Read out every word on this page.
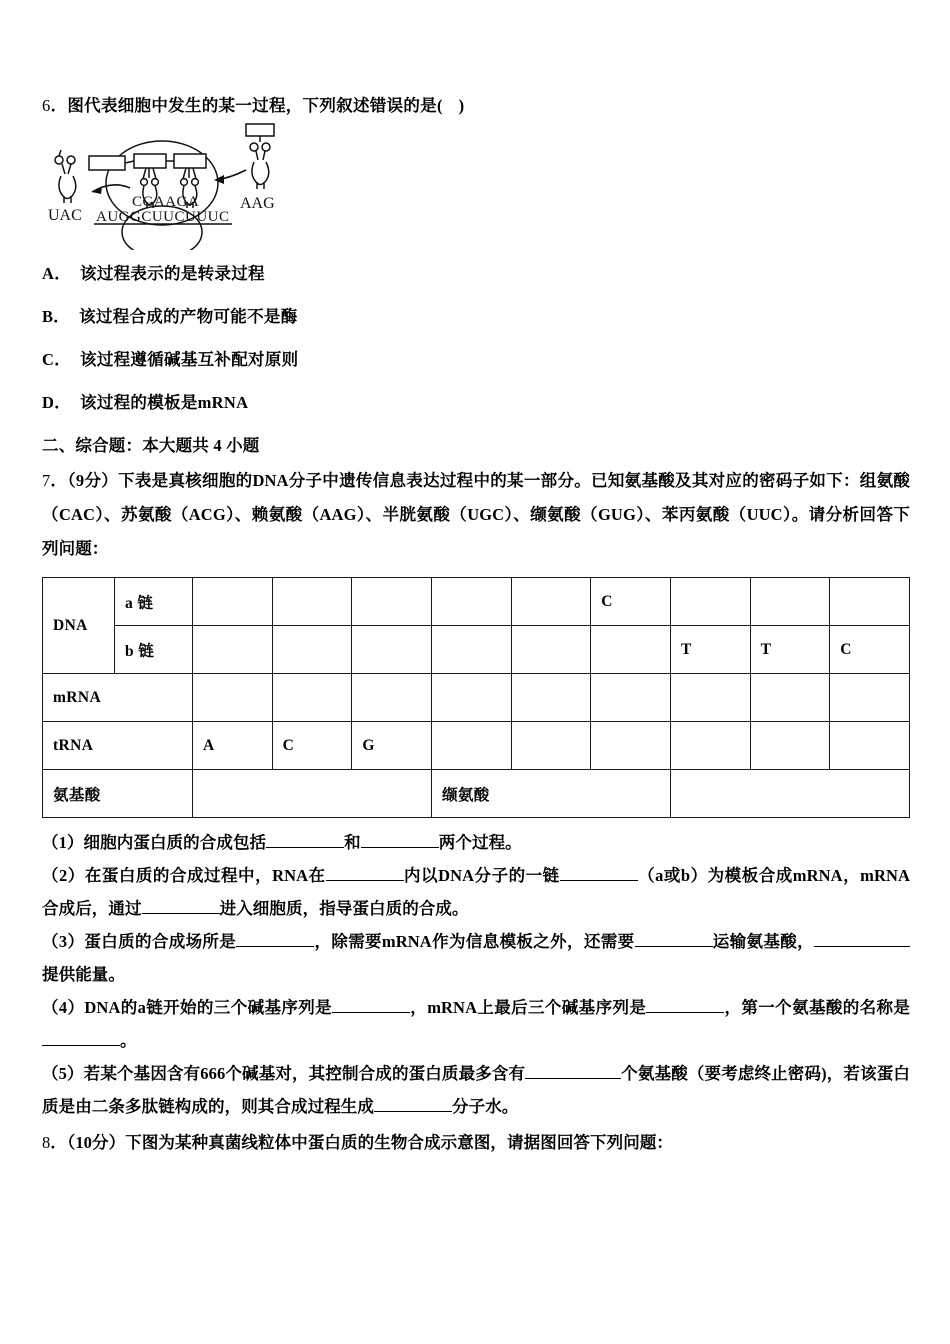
6．图代表细胞中发生的某一过程，下列叙述错误的是( )

CGAAGA
AUGGCUUCUUUC
UAC
AAG

A． 该过程表示的是转录过程

B． 该过程合成的产物可能不是酶

C． 该过程遵循碱基互补配对原则

D． 该过程的模板是mRNA

二、综合题：本大题共 4 小题

7．（9分）下表是真核细胞的DNA分子中遗传信息表达过程中的某一部分。已知氨基酸及其对应的密码子如下：组氨酸（CAC）、苏氨酸（ACG）、赖氨酸（AAG）、半胱氨酸（UGC）、缬氨酸（GUG）、苯丙氨酸（UUC）。请分析回答下列问题：

DNA	a 链						C			
	b 链							T	T	C
mRNA										
tRNA		A	C	G						
氨基酸					缬氨酸					

（1）细胞内蛋白质的合成包括	和	两个过程。

（2）在蛋白质的合成过程中，RNA在	内以DNA分子的一链	（a或b）为模板合成mRNA，mRNA合成后，通过	进入细胞质，指导蛋白质的合成。

（3）蛋白质的合成场所是	，除需要mRNA作为信息模板之外，还需要	运输氨基酸，提供能量。

（4）DNA的a链开始的三个碱基序列是	，mRNA上最后三个碱基序列是	，第一个氨基酸的名称是。

（5）若某个基因含有666个碱基对，其控制合成的蛋白质最多含有	个氨基酸（要考虑终止密码)，若该蛋白质是由二条多肽链构成的，则其合成过程生成	分子水。

8．（10分）下图为某种真菌线粒体中蛋白质的生物合成示意图，请据图回答下列问题：
